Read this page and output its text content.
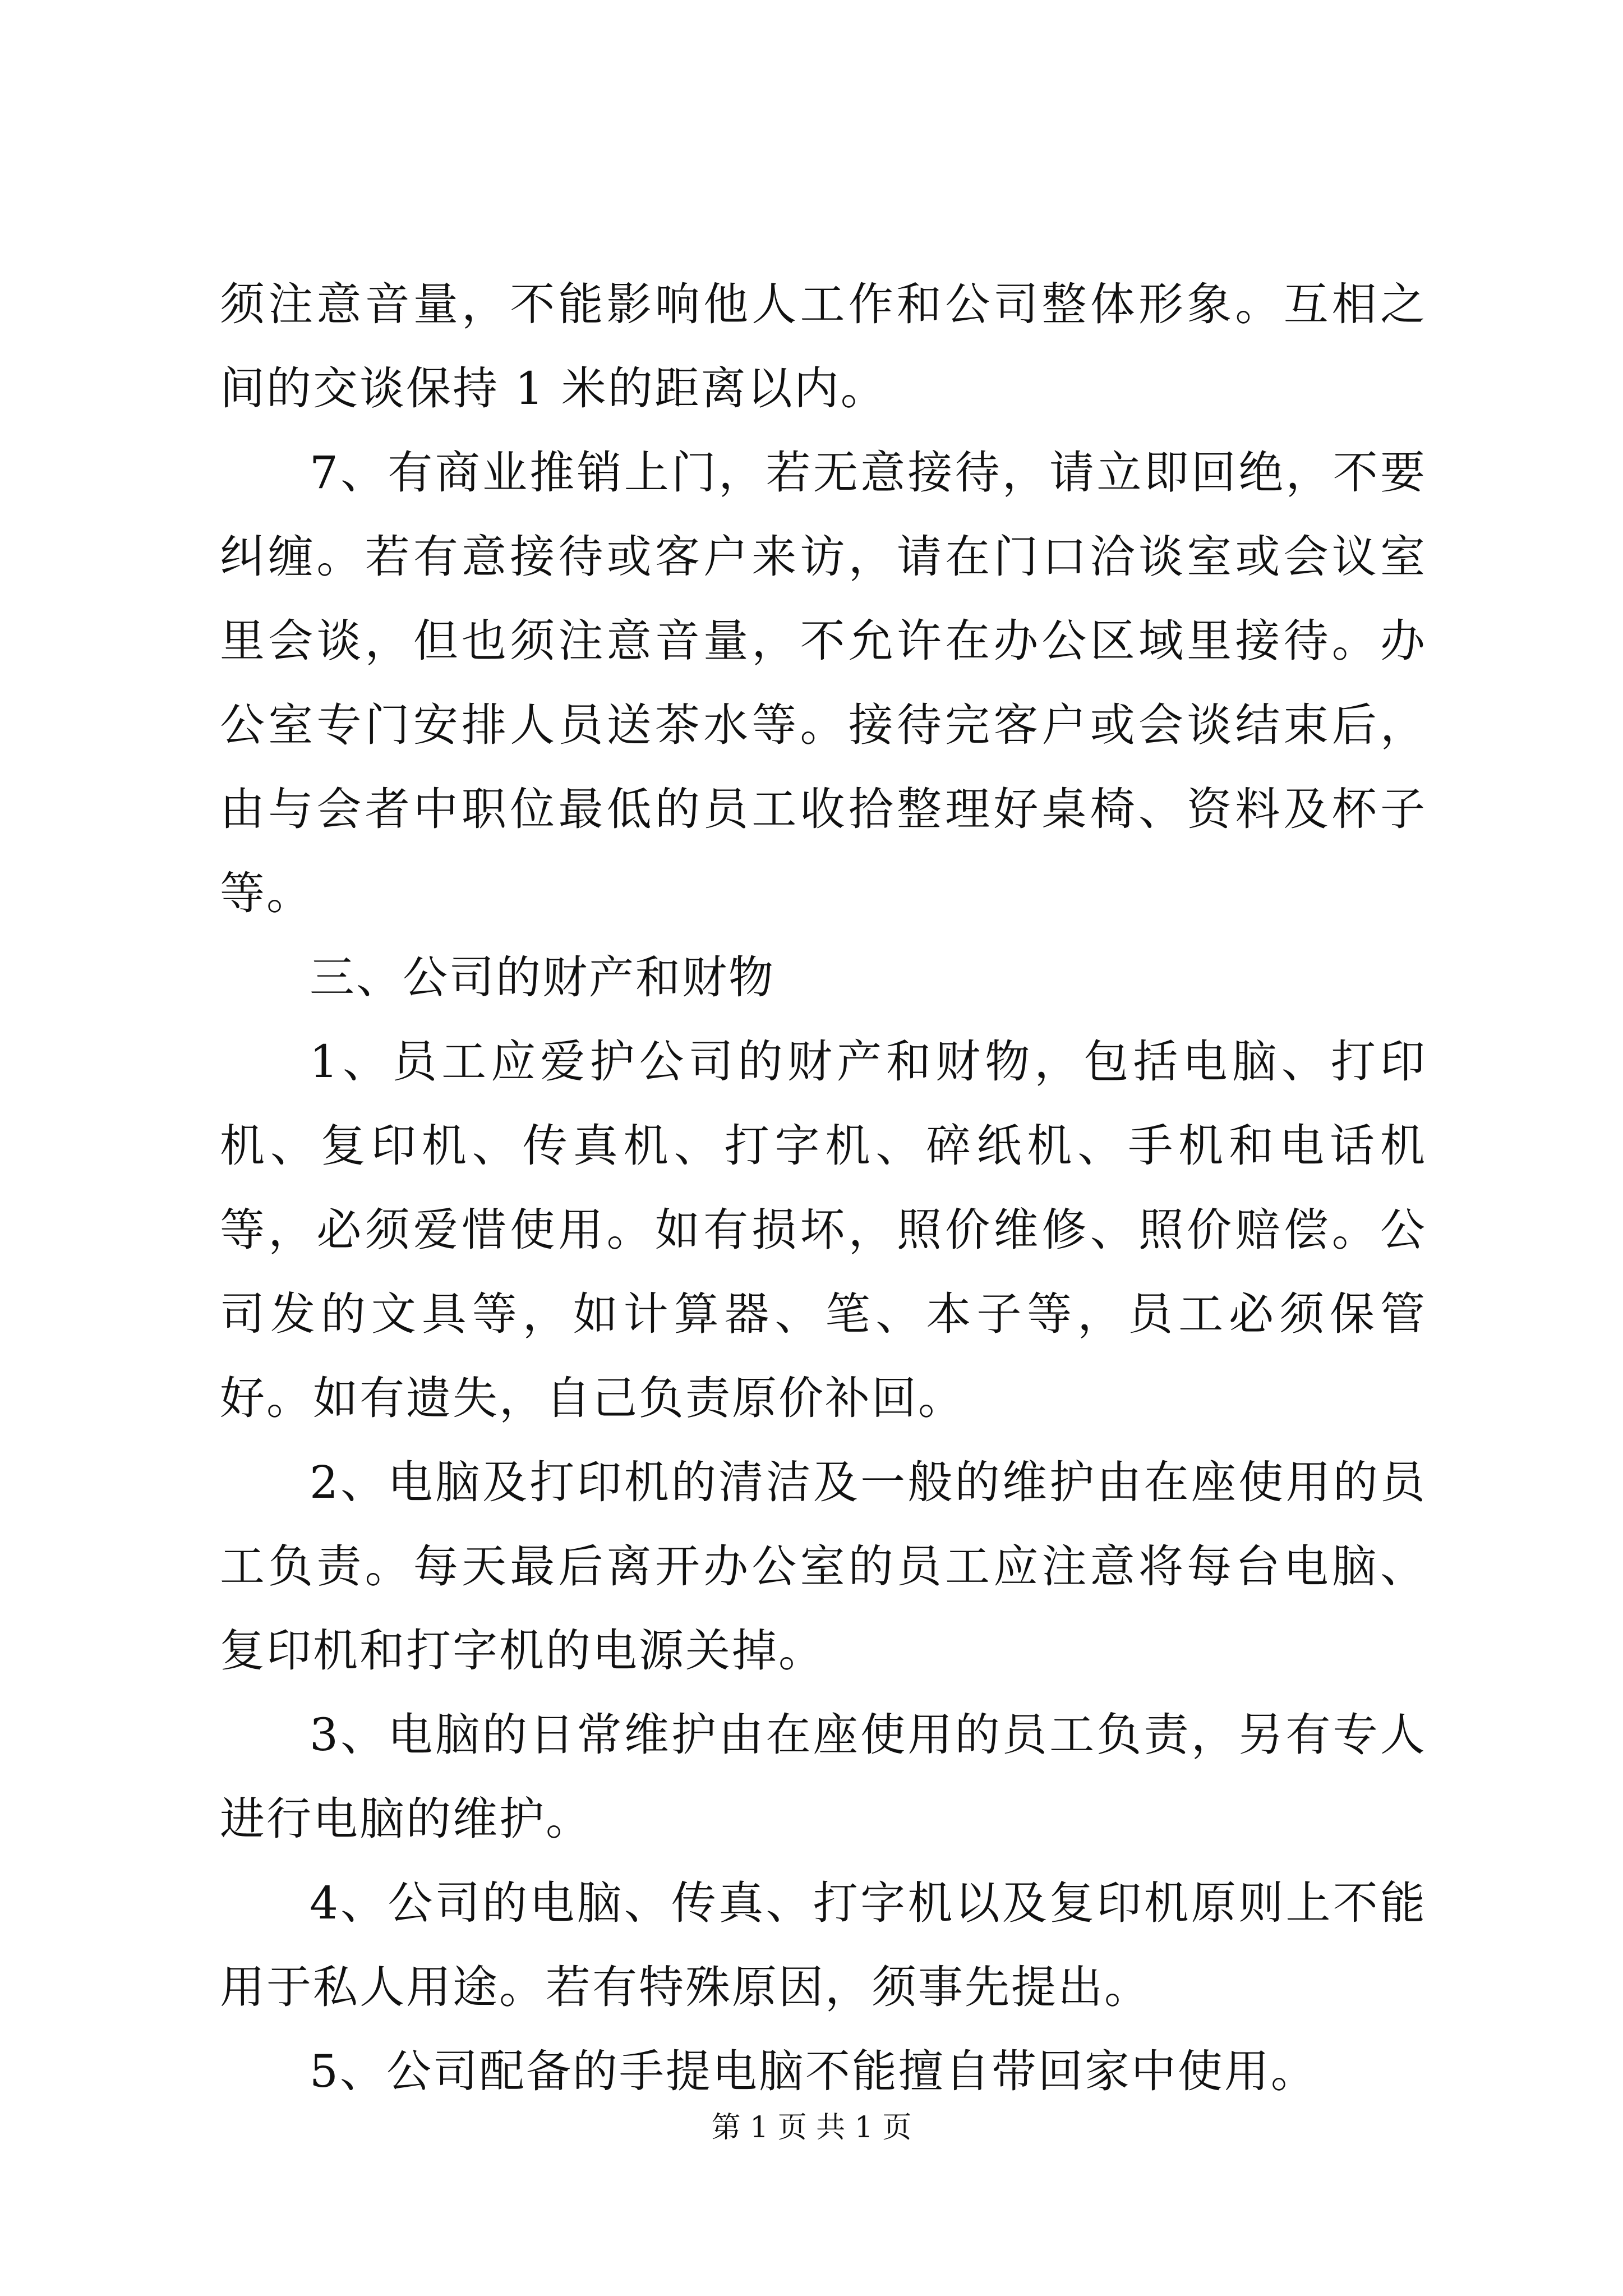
须注意音量，不能影响他人工作和公司整体形象。互相之间的交谈保持 1 米的距离以内。

7、有商业推销上门，若无意接待，请立即回绝，不要纠缠。若有意接待或客户来访，请在门口洽谈室或会议室里会谈，但也须注意音量，不允许在办公区域里接待。办公室专门安排人员送茶水等。接待完客户或会谈结束后，由与会者中职位最低的员工收拾整理好桌椅、资料及杯子等。

三、公司的财产和财物

1、员工应爱护公司的财产和财物，包括电脑、打印机、复印机、传真机、打字机、碎纸机、手机和电话机等，必须爱惜使用。如有损坏，照价维修、照价赔偿。公司发的文具等，如计算器、笔、本子等，员工必须保管好。如有遗失，自己负责原价补回。

2、电脑及打印机的清洁及一般的维护由在座使用的员工负责。每天最后离开办公室的员工应注意将每台电脑、复印机和打字机的电源关掉。

3、电脑的日常维护由在座使用的员工负责，另有专人进行电脑的维护。

4、公司的电脑、传真、打字机以及复印机原则上不能用于私人用途。若有特殊原因，须事先提出。

5、公司配备的手提电脑不能擅自带回家中使用。

第 1 页 共 1 页
